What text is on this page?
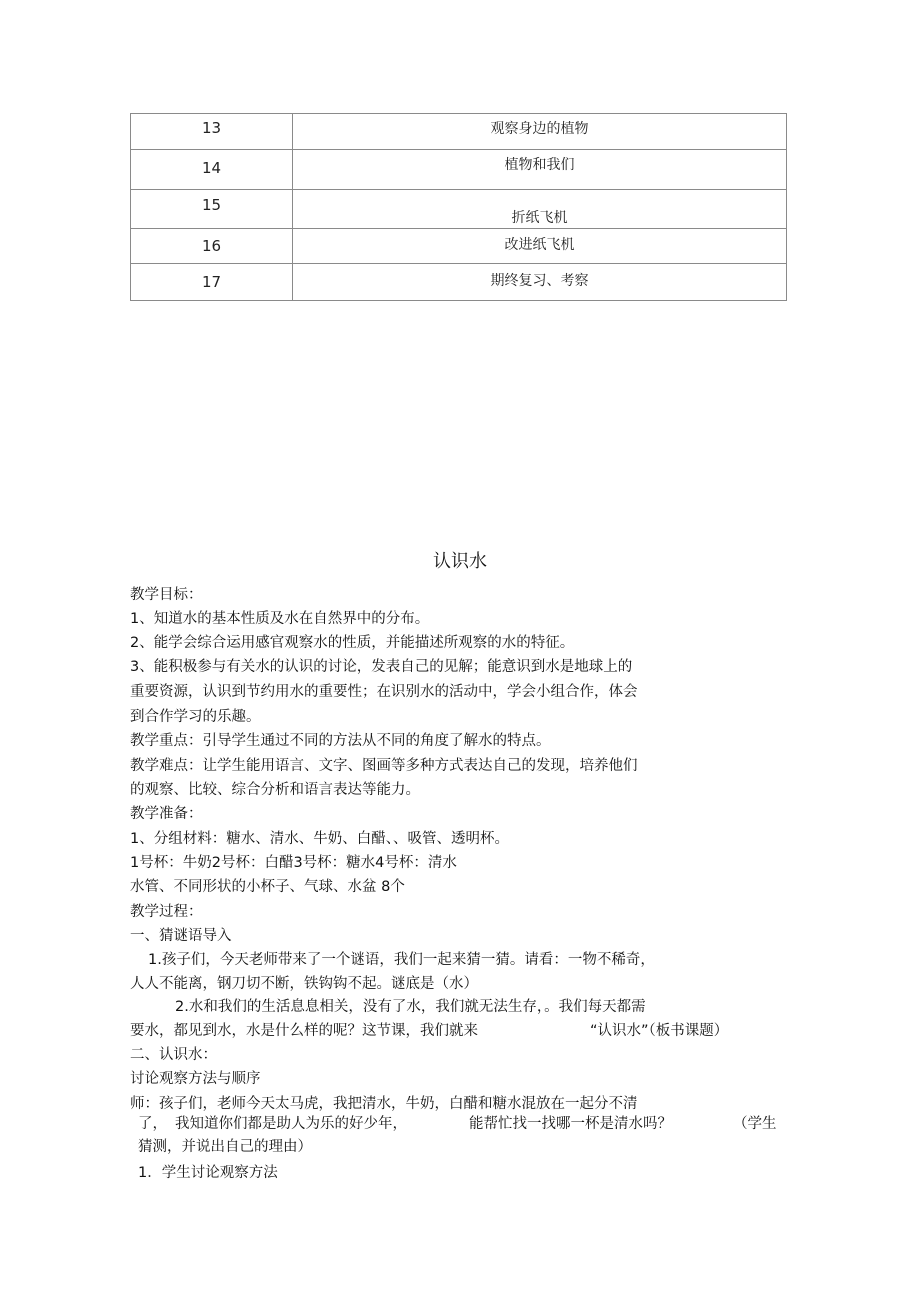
13	观察身边的植物

14	植物和我们

15	折纸飞机

16	改进纸飞机

17	期终复习、考察
认识水
教学目标：
1、知道水的基本性质及水在自然界中的分布。
2、能学会综合运用感官观察水的性质，并能描述所观察的水的特征。
3、能积极参与有关水的认识的讨论，发表自己的见解；能意识到水是地球上的
重要资源，认识到节约用水的重要性；在识别水的活动中，学会小组合作，体会
到合作学习的乐趣。
教学重点：引导学生通过不同的方法从不同的角度了解水的特点。
教学难点：让学生能用语言、文字、图画等多种方式表达自己的发现，培养他们
的观察、比较、综合分析和语言表达等能力。
教学准备：
1、分组材料：糖水、清水、牛奶、白醋、、吸管、透明杯。
1号杯：牛奶2号杯：白醋3号杯：糖水4号杯：清水
水管、不同形状的小杯子、气球、水盆 8个
教学过程：
一、猜谜语导入
1.孩子们，今天老师带来了一个谜语，我们一起来猜一猜。请看：一物不稀奇，
人人不能离，钢刀切不断，铁钩钩不起。谜底是（水）
2.水和我们的生活息息相关，没有了水，我们就无法生存，。我们每天都需
要水，都见到水，水是什么样的呢？这节课，我们就来	“认识水”（板书课题）
二、认识水：
讨论观察方法与顺序
师：孩子们，老师今天太马虎，我把清水，牛奶，白醋和糖水混放在一起分不清
了， 我知道你们都是助人为乐的好少年，	能帮忙找一找哪一杯是清水吗？	（学生
猜测，并说出自己的理由）
1．学生讨论观察方法
